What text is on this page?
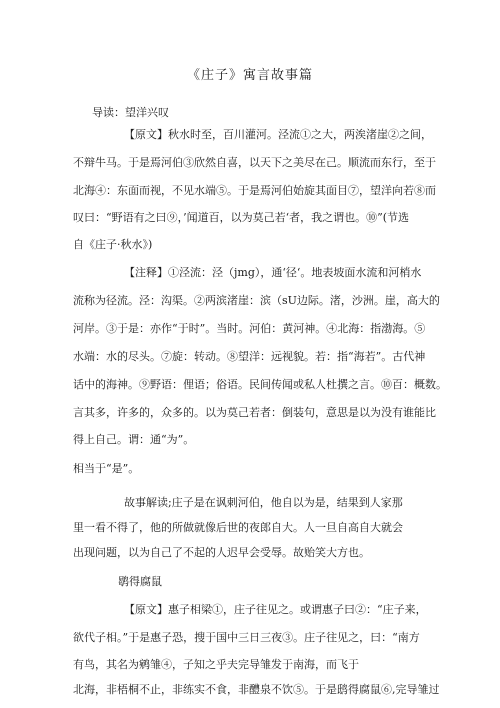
《庄子》寓言故事篇
导读：望洋兴叹
【原文】秋水时至，百川灌河。泾流①之大，两涘渚崖②之间，
不辩牛马。于是焉河伯③欣然自喜，以天下之美尽在己。顺流而东行，至于
北海④：东面而视，不见水端⑤。于是焉河伯始旋其面目⑦，望洋向若⑧而
叹曰：“野语有之曰⑨，’闻道百，以为莫己若‘者，我之谓也。⑩”(节选
自《庄子·秋水》)
【注释】①泾流：泾（jmg），通‘径‘。地表坡面水流和河梢水
流称为径流。泾：沟渠。②两滨渚崖：滨（sU边际。渚，沙洲。崖，高大的
河岸。③于是：亦作“于时”。当时。河伯：黄河神。④北海：指渤海。⑤
水端：水的尽头。⑦旋：转动。⑧望洋：远视貌。若：指“海若”。古代神
话中的海神。⑨野语：俚语；俗语。民间传闻或私人杜撰之言。⑩百：概数。
言其多，许多的，众多的。以为莫己若者：倒装句，意思是以为没有谁能比
得上自己。谓：通“为”。
相当于“是”。
故事解读;庄子是在讽刺河伯，他自以为是，结果到人家那
里一看不得了，他的所做就像后世的夜郎自大。人一旦自高自大就会
出现问题，以为自己了不起的人迟早会受辱。故贻笑大方也。
鹖得腐鼠
【原文】惠子相梁①，庄子往见之。或谓惠子曰②：“庄子来，
欲代子相。”于是惠子恐，搜于国中三日三夜③。庄子往见之，曰：“南方
有鸟，其名为鹓雏④，子知之乎夫完导雏发于南海，而飞于
北海，非梧桐不止，非练实不食，非醴泉不饮⑤。于是鸱得腐鼠⑥,完导雏过
